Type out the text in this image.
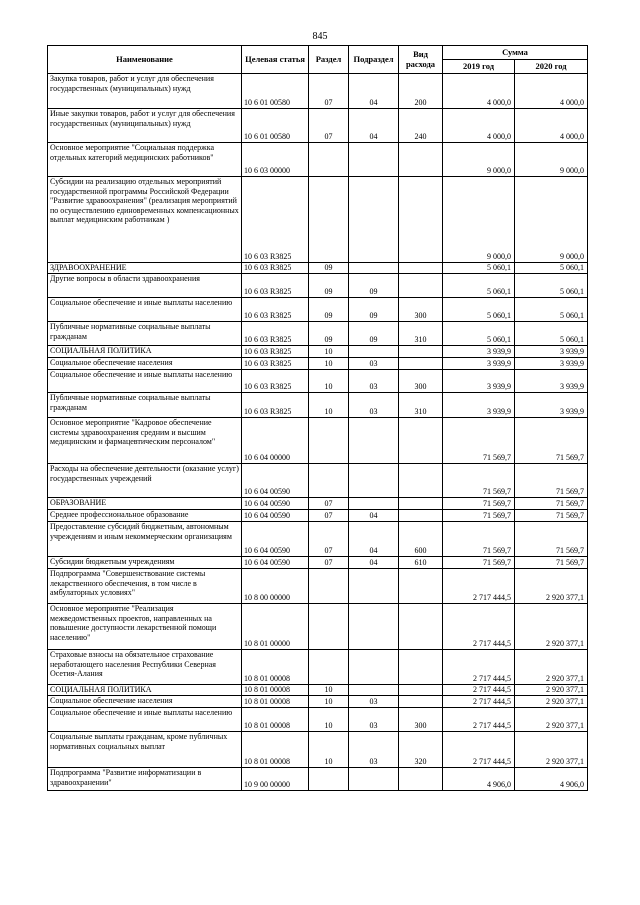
845
Наименование	Целевая статья	Раздел	Подраздел	Вид расхода	Сумма	
					2019 год	2020 год
Закупка товаров, работ и услуг для обеспечения государственных (муниципальных) нужд	10 6 01 00580	07	04	200	4 000,0	4 000,0
Иные закупки товаров, работ и услуг для обеспечения государственных (муниципальных) нужд	10 6 01 00580	07	04	240	4 000,0	4 000,0
Основное мероприятие "Социальная поддержка отдельных категорий медицинских работников"	10 6 03 00000				9 000,0	9 000,0
Субсидии на реализацию отдельных мероприятий государственной программы Российской Федерации "Развитие здравоохранения" (реализация мероприятий по осуществлению единовременных компенсационных выплат медицинским работникам )	10 6 03 R3825				9 000,0	9 000,0
ЗДРАВООХРАНЕНИЕ	10 6 03 R3825	09			5 060,1	5 060,1
Другие вопросы в области здравоохранения	10 6 03 R3825	09	09		5 060,1	5 060,1
Социальное обеспечение и иные выплаты населению	10 6 03 R3825	09	09	300	5 060,1	5 060,1
Публичные нормативные социальные выплаты гражданам	10 6 03 R3825	09	09	310	5 060,1	5 060,1
СОЦИАЛЬНАЯ ПОЛИТИКА	10 6 03 R3825	10			3 939,9	3 939,9
Социальное обеспечение населения	10 6 03 R3825	10	03		3 939,9	3 939,9
Социальное обеспечение и иные выплаты населению	10 6 03 R3825	10	03	300	3 939,9	3 939,9
Публичные нормативные социальные выплаты гражданам	10 6 03 R3825	10	03	310	3 939,9	3 939,9
Основное мероприятие "Кадровое обеспечение системы здравоохранения средним и высшим медицинским и фармацевтическим персоналом"	10 6 04 00000				71 569,7	71 569,7
Расходы на обеспечение деятельности (оказание услуг) государственных учреждений	10 6 04 00590				71 569,7	71 569,7
ОБРАЗОВАНИЕ	10 6 04 00590	07			71 569,7	71 569,7
Среднее профессиональное образование	10 6 04 00590	07	04		71 569,7	71 569,7
Предоставление субсидий бюджетным, автономным учреждениям и иным некоммерческим организациям	10 6 04 00590	07	04	600	71 569,7	71 569,7
Субсидии бюджетным учреждениям	10 6 04 00590	07	04	610	71 569,7	71 569,7
Подпрограмма "Совершенствование системы лекарственного обеспечения, в том числе в амбулаторных условиях"	10 8 00 00000				2 717 444,5	2 920 377,1
Основное мероприятие "Реализация межведомственных проектов, направленных на повышение доступности лекарственной помощи населению"	10 8 01 00000				2 717 444,5	2 920 377,1
Страховые взносы на обязательное страхование неработающего населения Республики Северная Осетия-Алания	10 8 01 00008				2 717 444,5	2 920 377,1
СОЦИАЛЬНАЯ ПОЛИТИКА	10 8 01 00008	10			2 717 444,5	2 920 377,1
Социальное обеспечение населения	10 8 01 00008	10	03		2 717 444,5	2 920 377,1
Социальное обеспечение и иные выплаты населению	10 8 01 00008	10	03	300	2 717 444,5	2 920 377,1
Социальные выплаты гражданам, кроме публичных нормативных социальных выплат	10 8 01 00008	10	03	320	2 717 444,5	2 920 377,1
Подпрограмма "Развитие информатизации в здравоохранении"	10 9 00 00000				4 906,0	4 906,0
